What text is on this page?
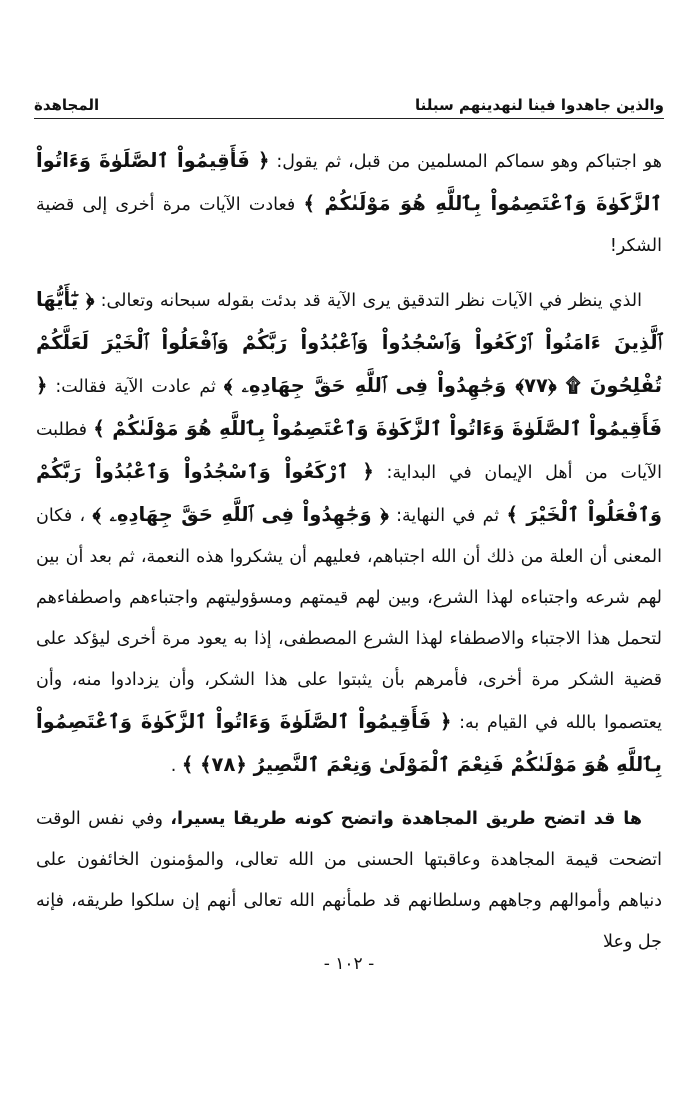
والذين جاهدوا فينا لنهدينهم سبلنا
المجاهدة

هو اجتباكم وهو سماكم المسلمين من قبل، ثم يقول: ﴿ فَأَقِيمُواْ ٱلصَّلَوٰةَ وَءَاتُواْ ٱلزَّكَوٰةَ وَٱعْتَصِمُواْ بِٱللَّهِ هُوَ مَوْلَىٰكُمْ ﴾ فعادت الآيات مرة أخرى إلى قضية الشكر!

الذي ينظر في الآيات نظر التدقيق يرى الآية قد بدئت بقوله سبحانه وتعالى: ﴿ يَٰٓأَيُّهَا ٱلَّذِينَ ءَامَنُواْ ٱرْكَعُواْ وَٱسْجُدُواْ وَٱعْبُدُواْ رَبَّكُمْ وَٱفْعَلُواْ ٱلْخَيْرَ لَعَلَّكُمْ تُفْلِحُونَ ۩ ﴿٧٧﴾ وَجَٰهِدُواْ فِى ٱللَّهِ حَقَّ جِهَادِهِۦ ﴾ ثم عادت الآية فقالت: ﴿ فَأَقِيمُواْ ٱلصَّلَوٰةَ وَءَاتُواْ ٱلزَّكَوٰةَ وَٱعْتَصِمُواْ بِٱللَّهِ هُوَ مَوْلَىٰكُمْ ﴾ فطلبت الآيات من أهل الإيمان في البداية: ﴿ ٱرْكَعُواْ وَٱسْجُدُواْ وَٱعْبُدُواْ رَبَّكُمْ وَٱفْعَلُواْ ٱلْخَيْرَ ﴾ ثم في النهاية: ﴿ وَجَٰهِدُواْ فِى ٱللَّهِ حَقَّ جِهَادِهِۦ ﴾ ، فكان المعنى أن العلة من ذلك أن الله اجتباهم، فعليهم أن يشكروا هذه النعمة، ثم بعد أن بين لهم شرعه واجتباءه لهذا الشرع، وبين لهم قيمتهم ومسؤوليتهم واجتباءهم واصطفاءهم لتحمل هذا الاجتباء والاصطفاء لهذا الشرع المصطفى، إذا به يعود مرة أخرى ليؤكد على قضية الشكر مرة أخرى، فأمرهم بأن يثبتوا على هذا الشكر، وأن يزدادوا منه، وأن يعتصموا بالله في القيام به: ﴿ فَأَقِيمُواْ ٱلصَّلَوٰةَ وَءَاتُواْ ٱلزَّكَوٰةَ وَٱعْتَصِمُواْ بِٱللَّهِ هُوَ مَوْلَىٰكُمْ فَنِعْمَ ٱلْمَوْلَىٰ وَنِعْمَ ٱلنَّصِيرُ ﴿٧٨﴾ ﴾ .

ها قد اتضح طريق المجاهدة واتضح كونه طريقا يسيرا، وفي نفس الوقت اتضحت قيمة المجاهدة وعاقبتها الحسنى من الله تعالى، والمؤمنون الخائفون على دنياهم وأموالهم وجاههم وسلطانهم قد طمأنهم الله تعالى أنهم إن سلكوا طريقه، فإنه جل وعلا

- ١٠٢ -
